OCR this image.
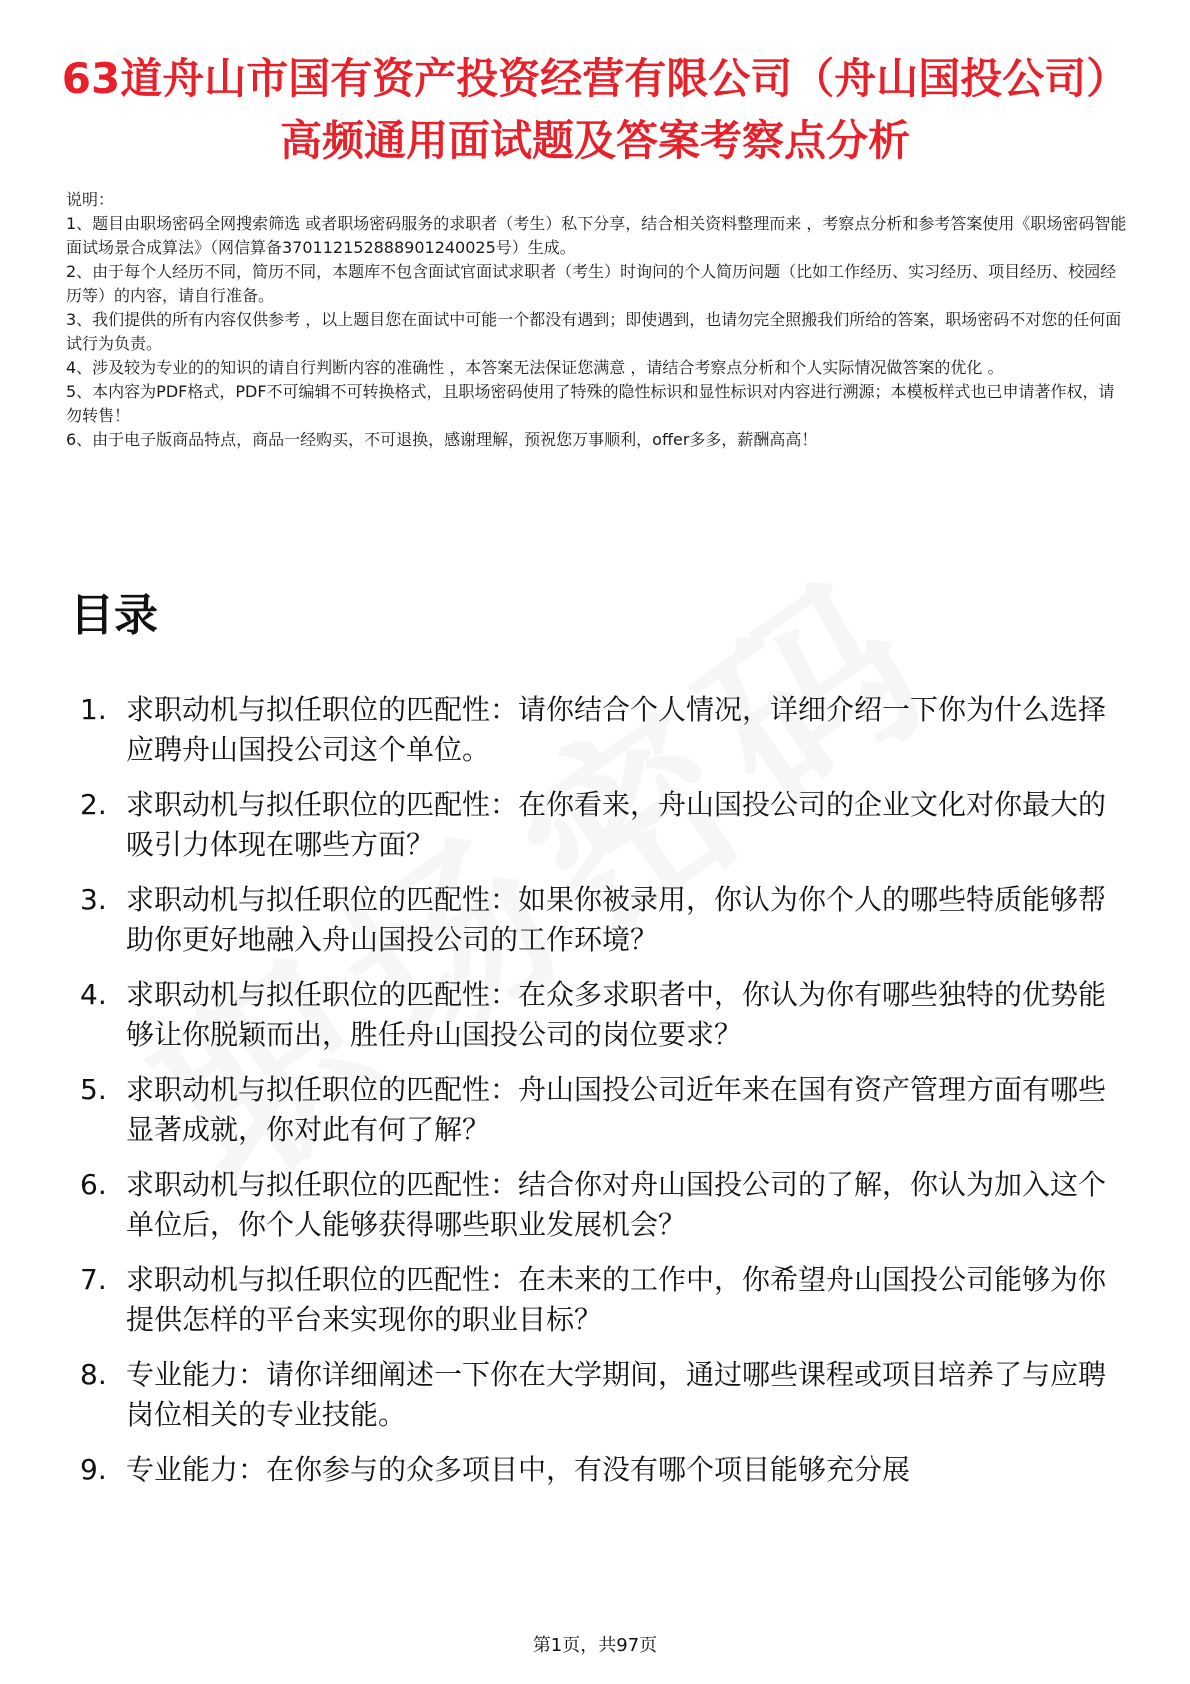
63道舟山市国有资产投资经营有限公司（舟山国投公司）高频通用面试题及答案考察点分析

说明：

1、题目由职场密码全网搜索筛选 或者职场密码服务的求职者（考生）私下分享，结合相关资料整理而来 ，考察点分析和参考答案使用《职场密码智能面试场景合成算法》（网信算备370112152888901240025号）生成。

2、由于每个人经历不同，简历不同，本题库不包含面试官面试求职者（考生）时询问的个人简历问题（比如工作经历、实习经历、项目经历、校园经历等）的内容，请自行准备。

3、我们提供的所有内容仅供参考 ，以上题目您在面试中可能一个都没有遇到；即使遇到，也请勿完全照搬我们所给的答案，职场密码不对您的任何面试行为负责。

4、涉及较为专业的的知识的请自行判断内容的准确性 ，本答案无法保证您满意 ，请结合考察点分析和个人实际情况做答案的优化 。

5、本内容为PDF格式，PDF不可编辑不可转换格式，且职场密码使用了特殊的隐性标识和显性标识对内容进行溯源；本模板样式也已申请著作权，请勿转售！

6、由于电子版商品特点，商品一经购买，不可退换，感谢理解，预祝您万事顺利，offer多多，薪酬高高！

目录
1. 求职动机与拟任职位的匹配性：请你结合个人情况，详细介绍一下你为什么选择应聘舟山国投公司这个单位。
2. 求职动机与拟任职位的匹配性：在你看来，舟山国投公司的企业文化对你最大的吸引力体现在哪些方面？
3. 求职动机与拟任职位的匹配性：如果你被录用，你认为你个人的哪些特质能够帮助你更好地融入舟山国投公司的工作环境？
4. 求职动机与拟任职位的匹配性：在众多求职者中，你认为你有哪些独特的优势能够让你脱颖而出，胜任舟山国投公司的岗位要求？
5. 求职动机与拟任职位的匹配性：舟山国投公司近年来在国有资产管理方面有哪些显著成就，你对此有何了解？
6. 求职动机与拟任职位的匹配性：结合你对舟山国投公司的了解，你认为加入这个单位后，你个人能够获得哪些职业发展机会？
7. 求职动机与拟任职位的匹配性：在未来的工作中，你希望舟山国投公司能够为你提供怎样的平台来实现你的职业目标？
8. 专业能力：请你详细阐述一下你在大学期间，通过哪些课程或项目培养了与应聘岗位相关的专业技能。
9. 专业能力：在你参与的众多项目中，有没有哪个项目能够充分展
第1页，共97页
